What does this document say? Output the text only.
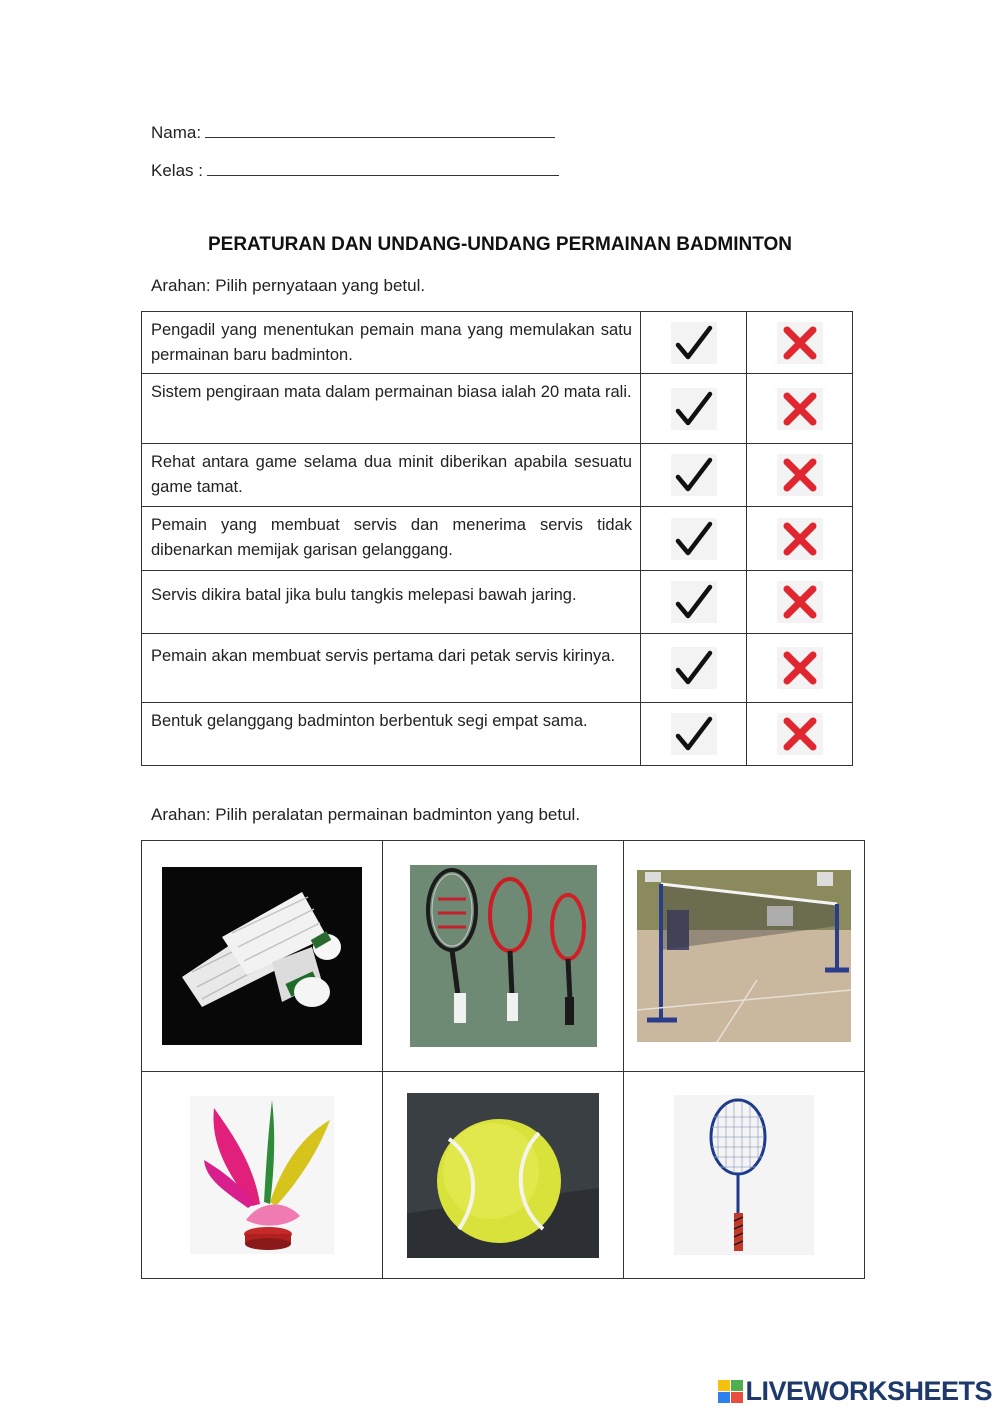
Nama:
Kelas :
PERATURAN DAN UNDANG-UNDANG PERMAINAN BADMINTON
Arahan: Pilih pernyataan yang betul.
Pengadil yang menentukan pemain mana yang memulakan satu permainan baru badminton.	

Sistem pengiraan mata dalam permainan biasa ialah 20 mata rali.	

Rehat antara game selama dua minit diberikan apabila sesuatu game tamat.	

Pemain yang membuat servis dan menerima servis tidak dibenarkan memijak garisan gelanggang.	

Servis dikira batal jika bulu tangkis melepasi bawah jaring.	

Pemain akan membuat servis pertama dari petak servis kirinya.	

Bentuk gelanggang badminton berbentuk segi empat sama.	

Arahan: Pilih peralatan permainan badminton yang betul.

LIVEWORKSHEETS
